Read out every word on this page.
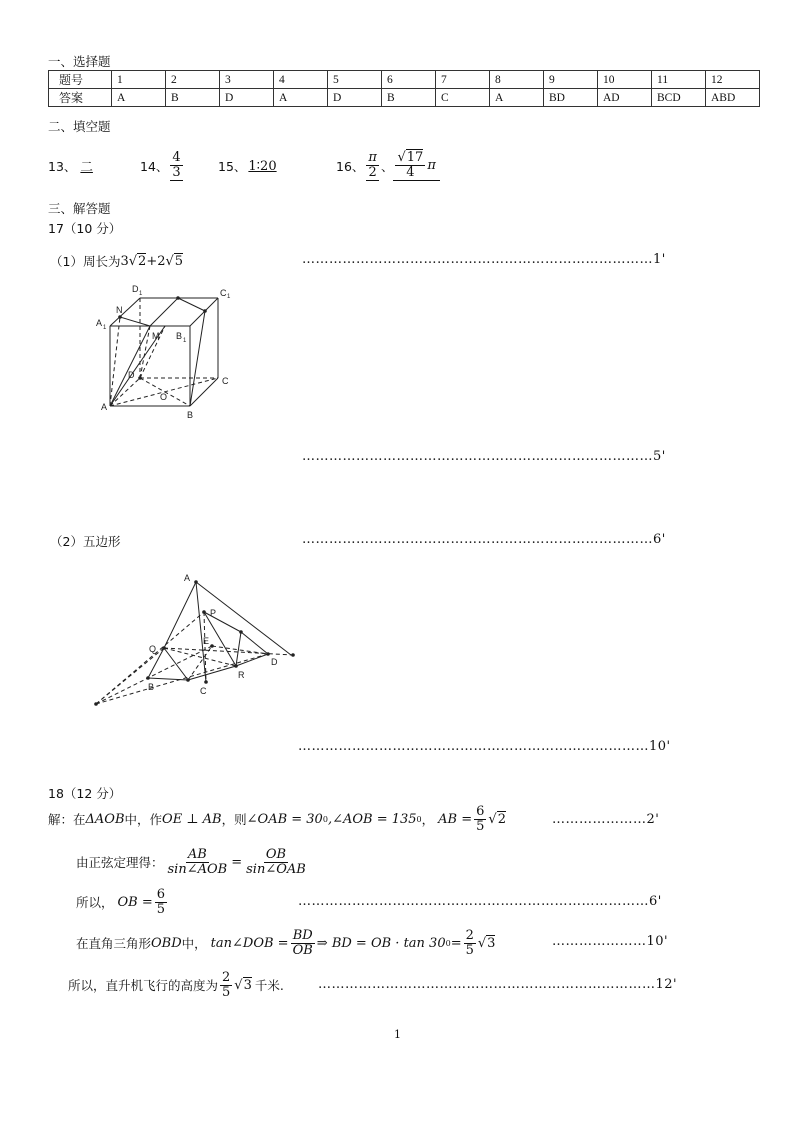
一、选择题
题号	1	2	3	4	5	6	7	8	9	10	11	12
答案	A	B	D	A	D	B	C	A	BD	AD	BCD	ABD
二、填空题
13、 二	14、 $\frac{4}{3}$	15、 1∶20	16、 $\frac{\pi}{2}$ 、 $\frac{√17}{4}$ π
三、解答题
17（10 分）
（1）周长为 3 √ 2 +2 √ 5	……………………………………………………………………1'
D 1	C 1
N
A 1
M B 1
D
C
O
A
B
……………………………………………………………………5'
（2）五边形	……………………………………………………………………6'
A
P
E
Q
D
R
B	C
……………………………………………………………………10'
18（12 分）
解：在 ΔAOB 中，作 OE ⊥ AB ，则 ∠OAB = 30 0 ,∠AOB = 135 0 ， AB = $\frac{6}{5}$ √ 2	…………………2'
由正弦定理得： $\frac{AB}{\text{sin∠AOB}} = \frac{OB}{\text{sin∠OAB}}$
所以， OB = $\frac{6}{5}$	……………………………………………………………………6'
在直角三角形 OBD 中， tan∠DOB = $\frac{BD}{OB}$ ⇒ BD = OB · tan 30 $0 = \frac{2}{5}$ √ 3	…………………10'
所以，直升机飞行的高度为 $\frac{2}{5}$ √ 3 千米.	…………………………………………………………………12'
1
